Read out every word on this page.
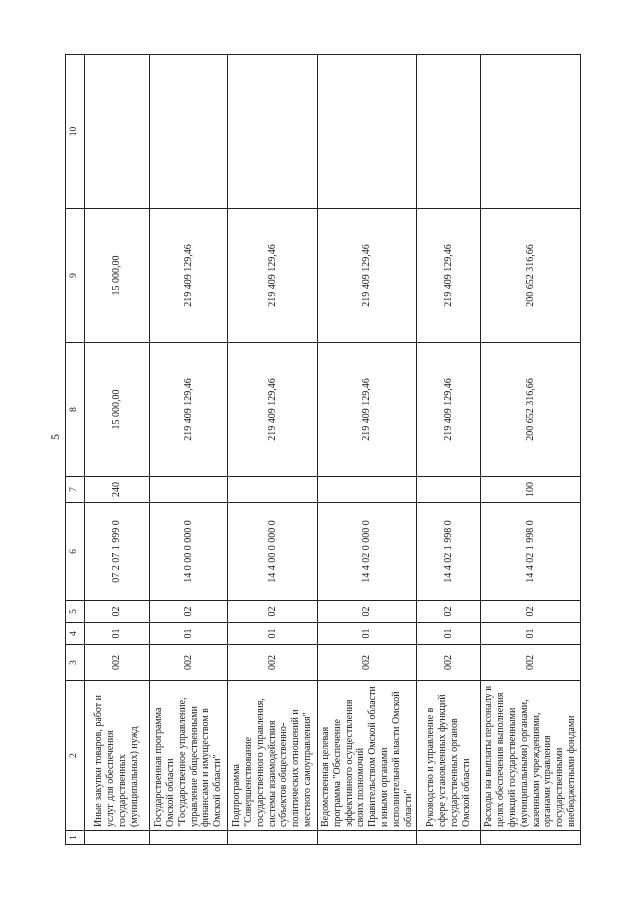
5
1	2	3	4	5	6	7	8	9	10
	Иные закупки товаров, работ и услуг для обеспечения государственных (муниципальных) нужд	002	01	02	07 2 07 1 999 0	240	15 000,00	15 000,00	
	Государственная программа Омской области "Государственное управление, управление общественными финансами и имуществом в Омской области"	002	01	02	14 0 00 0 000 0		219 409 129,46	219 409 129,46	
	Подпрограмма "Совершенствование государственного управления, системы взаимодействия субъектов общественно-политических отношений и местного самоуправления"	002	01	02	14 4 00 0 000 0		219 409 129,46	219 409 129,46	
	Ведомственная целевая программа "Обеспечение эффективного осуществления своих полномочий Правительством Омской области и иными органами исполнительной власти Омской области"	002	01	02	14 4 02 0 000 0		219 409 129,46	219 409 129,46	
	Руководство и управление в сфере установленных функций государственных органов Омской области	002	01	02	14 4 02 1 998 0		219 409 129,46	219 409 129,46	
	Расходы на выплаты персоналу в целях обеспечения выполнения функций государственными (муниципальными) органами, казенными учреждениями, органами управления государственными внебюджетными фондами	002	01	02	14 4 02 1 998 0	100	200 652 316,66	200 652 316,66	
